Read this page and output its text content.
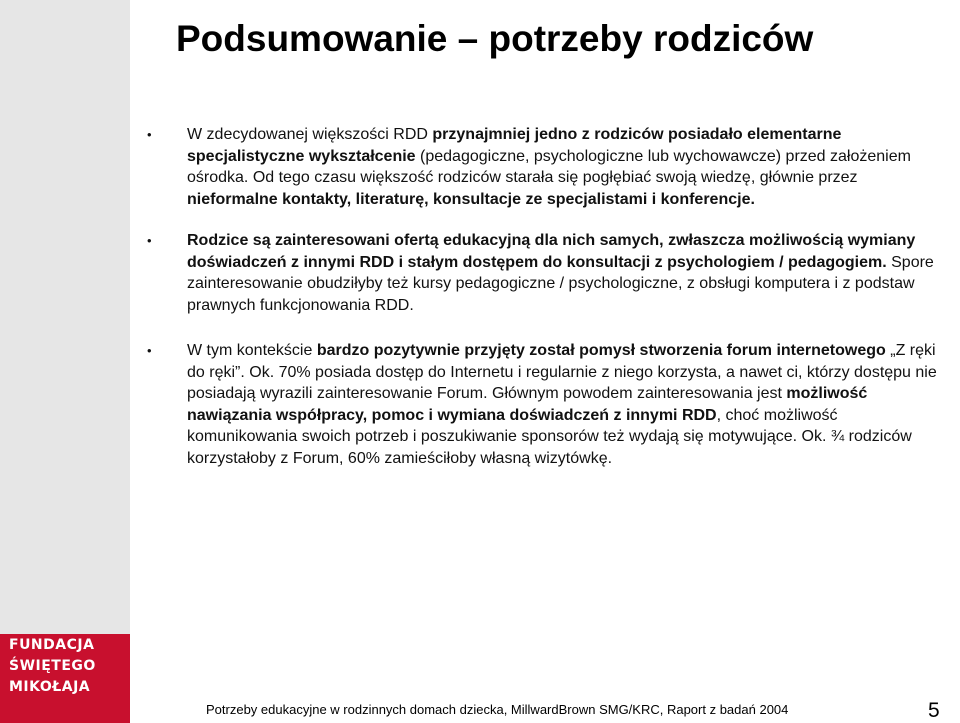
FUNDACJA
ŚWIĘTEGO
MIKOŁAJA
Podsumowanie – potrzeby rodziców
• W zdecydowanej większości RDD przynajmniej jedno z rodziców posiadało elementarne specjalistyczne wykształcenie (pedagogiczne, psychologiczne lub wychowawcze) przed założeniem ośrodka. Od tego czasu większość rodziców starała się pogłębiać swoją wiedzę, głównie przez nieformalne kontakty, literaturę, konsultacje ze specjalistami i konferencje.
• Rodzice są zainteresowani ofertą edukacyjną dla nich samych, zwłaszcza możliwością wymiany doświadczeń z innymi RDD i stałym dostępem do konsultacji z psychologiem / pedagogiem. Spore zainteresowanie obudziłyby też kursy pedagogiczne / psychologiczne, z obsługi komputera i z podstaw prawnych funkcjonowania RDD.
• W tym kontekście bardzo pozytywnie przyjęty został pomysł stworzenia forum internetowego „Z ręki do ręki”. Ok. 70% posiada dostęp do Internetu i regularnie z niego korzysta, a nawet ci, którzy dostępu nie posiadają wyrazili zainteresowanie Forum. Głównym powodem zainteresowania jest możliwość nawiązania współpracy, pomoc i wymiana doświadczeń z innymi RDD, choć możliwość komunikowania swoich potrzeb i poszukiwanie sponsorów też wydają się motywujące. Ok. ¾ rodziców korzystałoby z Forum, 60% zamieściłoby własną wizytówkę.
Potrzeby edukacyjne w rodzinnych domach dziecka, MillwardBrown SMG/KRC, Raport z badań 2004	5
